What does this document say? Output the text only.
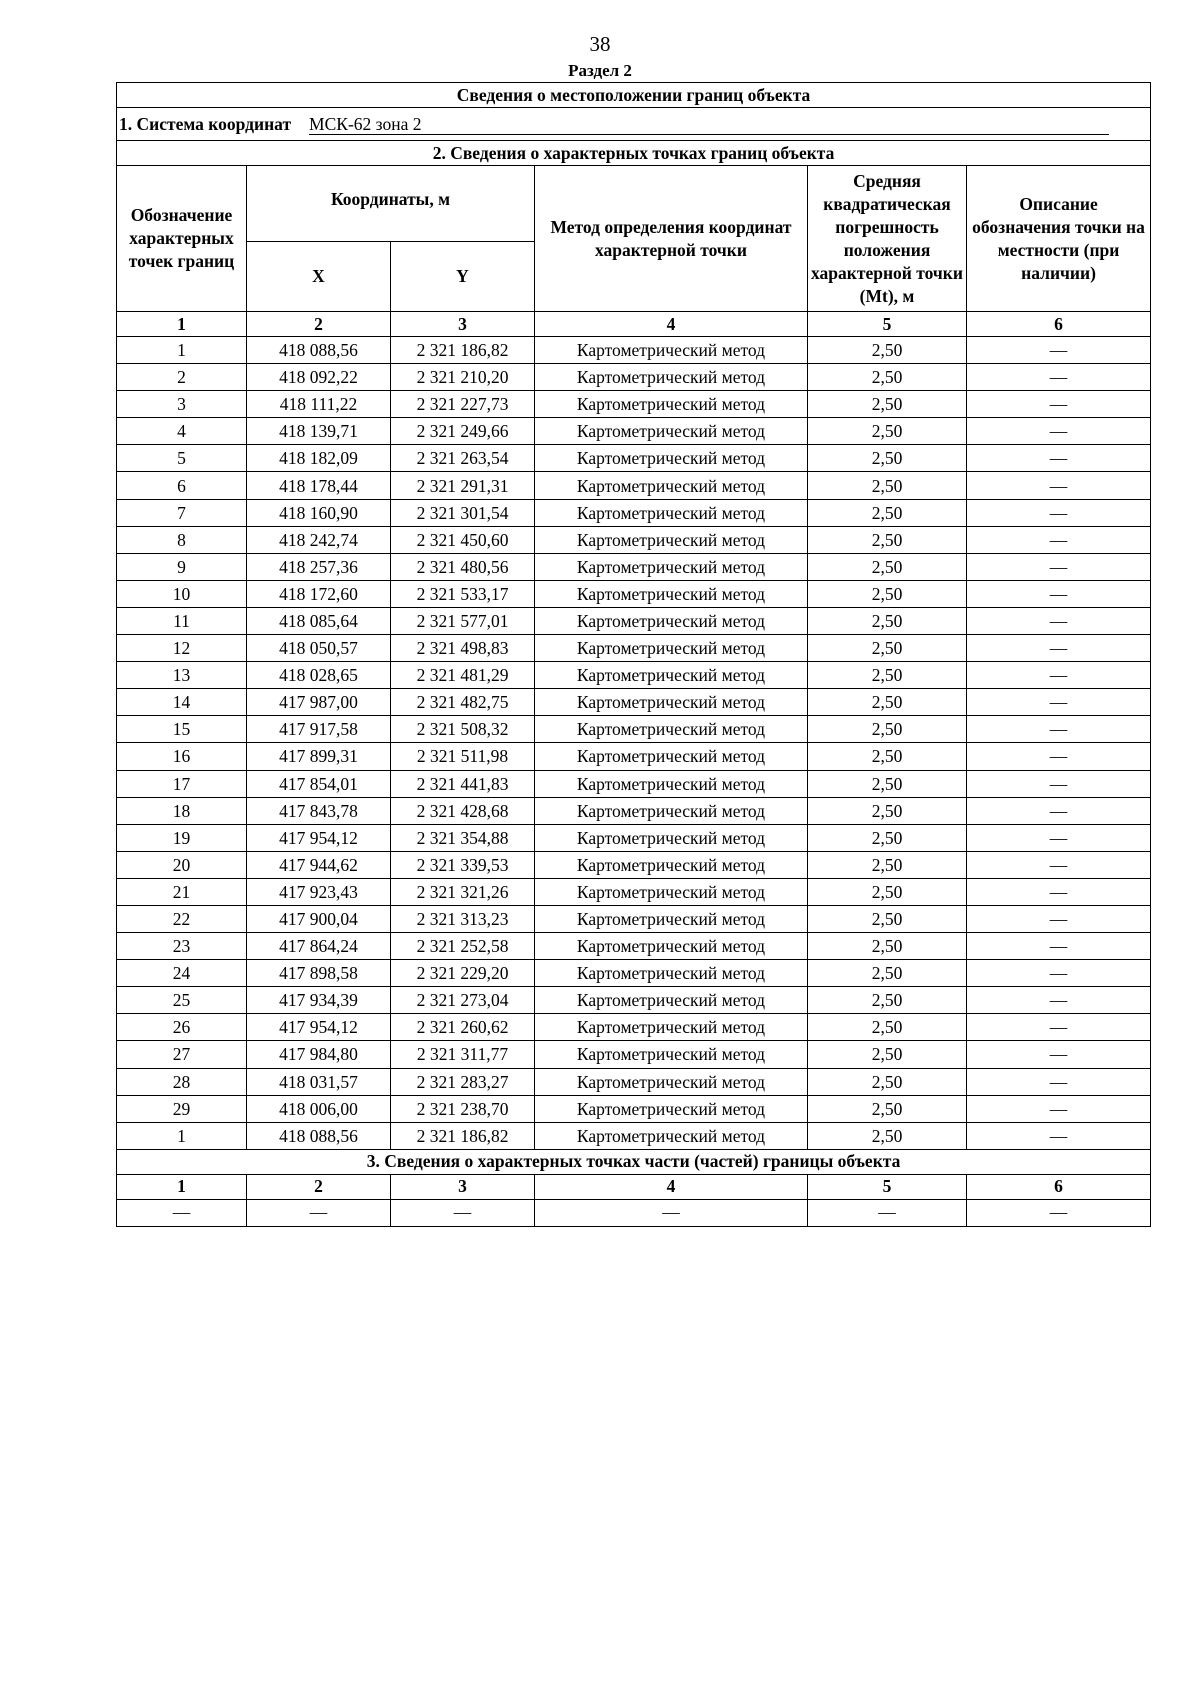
38
Раздел 2
Сведения о местоположении границ объекта					
1. Система координат МСК-62 зона 2					
2. Сведения о характерных точках границ объекта					
Обозначение характерных точек границ	Координаты, м		Метод определения координат характерной точки	Средняя квадратическая погрешность положения характерной точки (Mt), м	Описание обозначения точки на местности (при наличии)
	X	Y			
1	2	3	4	5	6
1	418 088,56	2 321 186,82	Картометрический метод	2,50	—
2	418 092,22	2 321 210,20	Картометрический метод	2,50	—
3	418 111,22	2 321 227,73	Картометрический метод	2,50	—
4	418 139,71	2 321 249,66	Картометрический метод	2,50	—
5	418 182,09	2 321 263,54	Картометрический метод	2,50	—
6	418 178,44	2 321 291,31	Картометрический метод	2,50	—
7	418 160,90	2 321 301,54	Картометрический метод	2,50	—
8	418 242,74	2 321 450,60	Картометрический метод	2,50	—
9	418 257,36	2 321 480,56	Картометрический метод	2,50	—
10	418 172,60	2 321 533,17	Картометрический метод	2,50	—
11	418 085,64	2 321 577,01	Картометрический метод	2,50	—
12	418 050,57	2 321 498,83	Картометрический метод	2,50	—
13	418 028,65	2 321 481,29	Картометрический метод	2,50	—
14	417 987,00	2 321 482,75	Картометрический метод	2,50	—
15	417 917,58	2 321 508,32	Картометрический метод	2,50	—
16	417 899,31	2 321 511,98	Картометрический метод	2,50	—
17	417 854,01	2 321 441,83	Картометрический метод	2,50	—
18	417 843,78	2 321 428,68	Картометрический метод	2,50	—
19	417 954,12	2 321 354,88	Картометрический метод	2,50	—
20	417 944,62	2 321 339,53	Картометрический метод	2,50	—
21	417 923,43	2 321 321,26	Картометрический метод	2,50	—
22	417 900,04	2 321 313,23	Картометрический метод	2,50	—
23	417 864,24	2 321 252,58	Картометрический метод	2,50	—
24	417 898,58	2 321 229,20	Картометрический метод	2,50	—
25	417 934,39	2 321 273,04	Картометрический метод	2,50	—
26	417 954,12	2 321 260,62	Картометрический метод	2,50	—
27	417 984,80	2 321 311,77	Картометрический метод	2,50	—
28	418 031,57	2 321 283,27	Картометрический метод	2,50	—
29	418 006,00	2 321 238,70	Картометрический метод	2,50	—
1	418 088,56	2 321 186,82	Картометрический метод	2,50	—
3. Сведения о характерных точках части (частей) границы объекта					
1	2	3	4	5	6
—	—	—	—	—	—
